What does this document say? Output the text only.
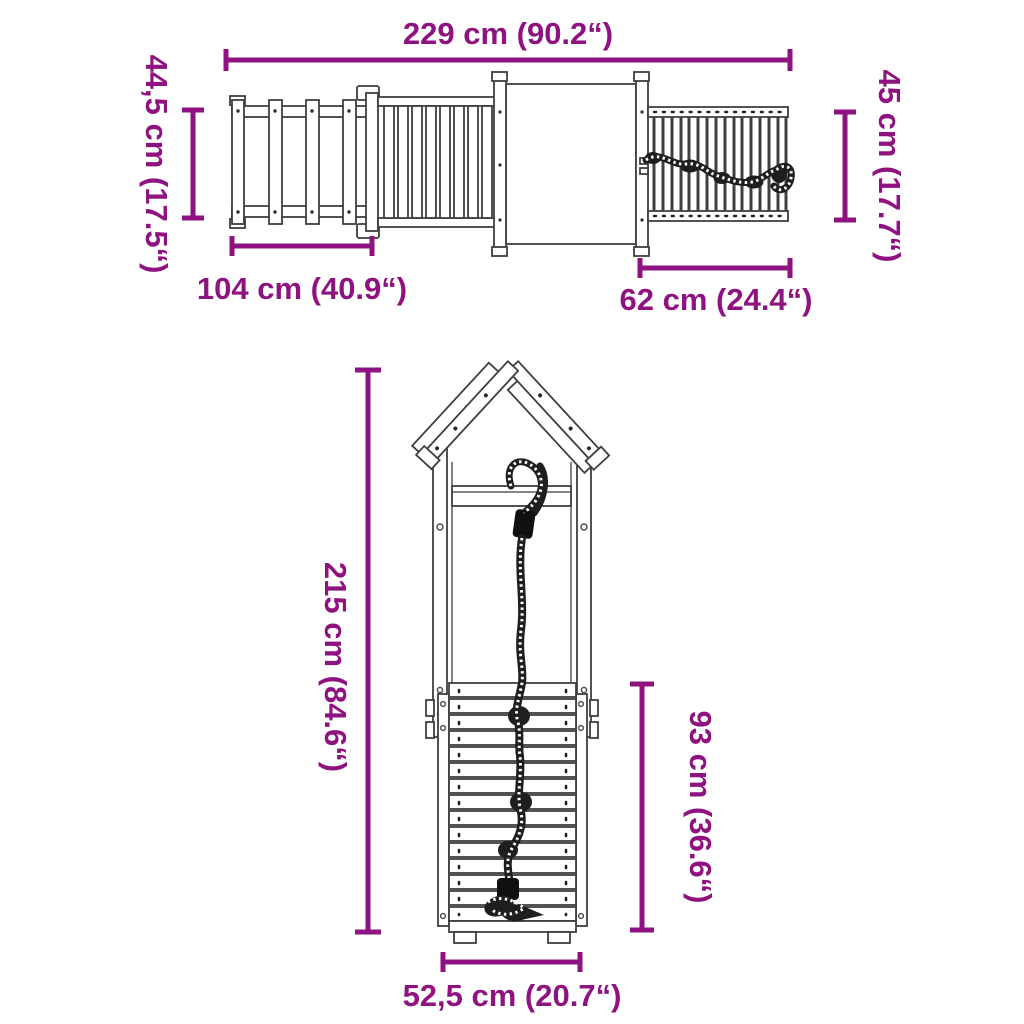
229 cm (90.2“)
44,5 cm (17.5“)	45 cm (17.7“)
104 cm (40.9“)	62 cm (24.4“)
215 cm (84.6“)
93 cm (36.6“)
52,5 cm (20.7“)
